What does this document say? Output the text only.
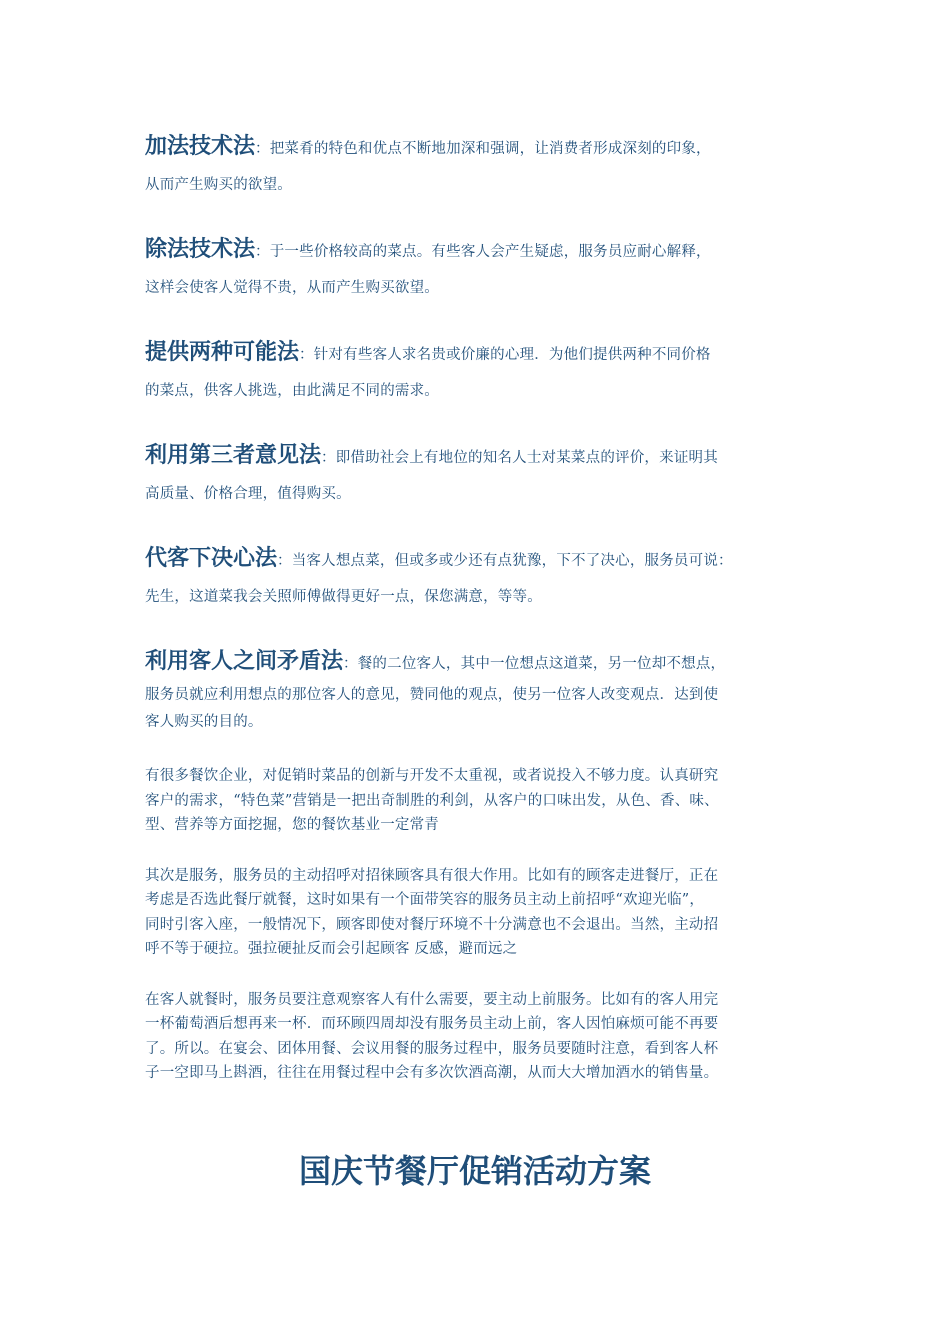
加法技术法：把菜肴的特色和优点不断地加深和强调，让消费者形成深刻的印象，

从而产生购买的欲望。

除法技术法：于一些价格较高的菜点。有些客人会产生疑虑，服务员应耐心解释，

这样会使客人觉得不贵，从而产生购买欲望。

提供两种可能法：针对有些客人求名贵或价廉的心理．为他们提供两种不同价格

的菜点，供客人挑选，由此满足不同的需求。

利用第三者意见法：即借助社会上有地位的知名人士对某菜点的评价，来证明其

高质量、价格合理，值得购买。

代客下决心法：当客人想点菜，但或多或少还有点犹豫，下不了决心，服务员可说：

先生，这道菜我会关照师傅做得更好一点，保您满意，等等。

利用客人之间矛盾法：餐的二位客人，其中一位想点这道菜，另一位却不想点，

服务员就应利用想点的那位客人的意见，赞同他的观点，使另一位客人改变观点．达到使

客人购买的目的。

有很多餐饮企业，对促销时菜品的创新与开发不太重视，或者说投入不够力度。认真研究
客户的需求，“特色菜”营销是一把出奇制胜的利剑，从客户的口味出发，从色、香、味、
型、营养等方面挖掘，您的餐饮基业一定常青
其次是服务，服务员的主动招呼对招徕顾客具有很大作用。比如有的顾客走进餐厅，正在
考虑是否选此餐厅就餐，这时如果有一个面带笑容的服务员主动上前招呼“欢迎光临”，
同时引客入座，一般情况下，顾客即使对餐厅环境不十分满意也不会退出。当然，主动招
呼不等于硬拉。强拉硬扯反而会引起顾客 反感，避而远之
在客人就餐时，服务员要注意观察客人有什么需要，要主动上前服务。比如有的客人用完
一杯葡萄酒后想再来一杯．而环顾四周却没有服务员主动上前，客人因怕麻烦可能不再要
了。所以。在宴会、团体用餐、会议用餐的服务过程中，服务员要随时注意，看到客人杯
子一空即马上斟酒，往往在用餐过程中会有多次饮酒高潮，从而大大增加酒水的销售量。
国庆节餐厅促销活动方案
